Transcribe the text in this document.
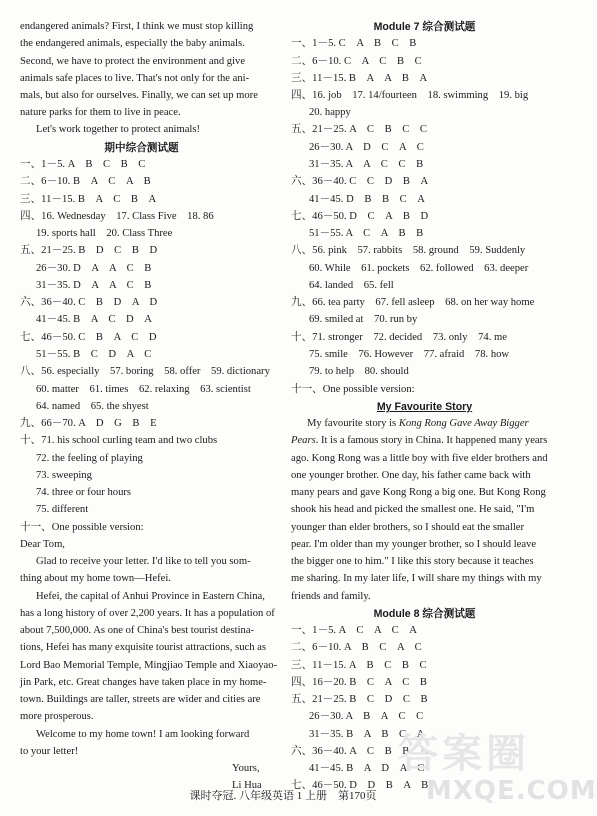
endangered animals? First, I think we must stop killing
the endangered animals, especially the baby animals.
Second, we have to protect the environment and give
animals safe places to live. That's not only for the ani-
mals, but also for ourselves. Finally, we can set up more
nature parks for them to live in peace.
Let's work together to protect animals!
期中综合测试题
一、1－5. A　B　C　B　C
二、6－10. B　A　C　A　B
三、11－15. B　A　C　B　A
四、16. Wednesday　17. Class Five　18. 86
19. sports hall　20. Class Three
五、21－25. B　D　C　B　D
26－30. D　A　A　C　B
31－35. D　A　A　C　B
六、36－40. C　B　D　A　D
41－45. B　A　C　D　A
七、46－50. C　B　A　C　D
51－55. B　C　D　A　C
八、56. especially　57. boring　58. offer　59. dictionary
60. matter　61. times　62. relaxing　63. scientist
64. named　65. the shyest
九、66－70. A　D　G　B　E
十、71. his school curling team and two clubs
72. the feeling of playing
73. sweeping
74. three or four hours
75. different
十一、One possible version:
Dear Tom,
Glad to receive your letter. I'd like to tell you som-
thing about my home town—Hefei.
Hefei, the capital of Anhui Province in Eastern China,
has a long history of over 2,200 years. It has a population of
about 7,500,000. As one of China's best tourist destina-
tions, Hefei has many exquisite tourist attractions, such as
Lord Bao Memorial Temple, Mingjiao Temple and Xiaoyao-
jin Park, etc. Great changes have taken place in my home-
town. Buildings are taller, streets are wider and cities are
more prosperous.
Welcome to my home town! I am looking forward
to your letter!
Yours,
Li Hua
Module 7 综合测试题
一、1－5. C　A　B　C　B
二、6－10. C　A　C　B　C
三、11－15. B　A　A　B　A
四、16. job　17. 14/fourteen　18. swimming　19. big
20. happy
五、21－25. A　C　B　C　C
26－30. A　D　C　A　C
31－35. A　A　C　C　B
六、36－40. C　C　D　B　A
41－45. D　B　B　C　A
七、46－50. D　C　A　B　D
51－55. A　C　A　B　B
八、56. pink　57. rabbits　58. ground　59. Suddenly
60. While　61. pockets　62. followed　63. deeper
64. landed　65. fell
九、66. tea party　67. fell asleep　68. on her way home
69. smiled at　70. run by
十、71. stronger　72. decided　73. only　74. me
75. smile　76. However　77. afraid　78. how
79. to help　80. should
十一、One possible version:
My Favourite Story
My favourite story is Kong Rong Gave Away Bigger
Pears. It is a famous story in China. It happened many years
ago. Kong Rong was a little boy with five elder brothers and
one younger brother. One day, his father came back with
many pears and gave Kong Rong a big one. But Kong Rong
shook his head and picked the smallest one. He said, "I'm
younger than elder brothers, so I should eat the smaller
pear. I'm older than my younger brother, so I should leave
the bigger one to him." I like this story because it teaches
me sharing. In my later life, I will share my things with my
friends and family.
Module 8 综合测试题
一、1－5. A　C　A　C　A
二、6－10. A　B　C　A　C
三、11－15. A　B　C　B　C
四、16－20. B　C　A　C　B
五、21－25. B　C　D　C　B
26－30. A　B　A　C　C
31－35. B　A　B　C　A
六、36－40. A　C　B　B　A
41－45. B　A　D　A　C
七、46－50. D　D　B　A　B
课时夺冠. 八年级英语 1 上册　第170页
答案圈
MXQE.COM
